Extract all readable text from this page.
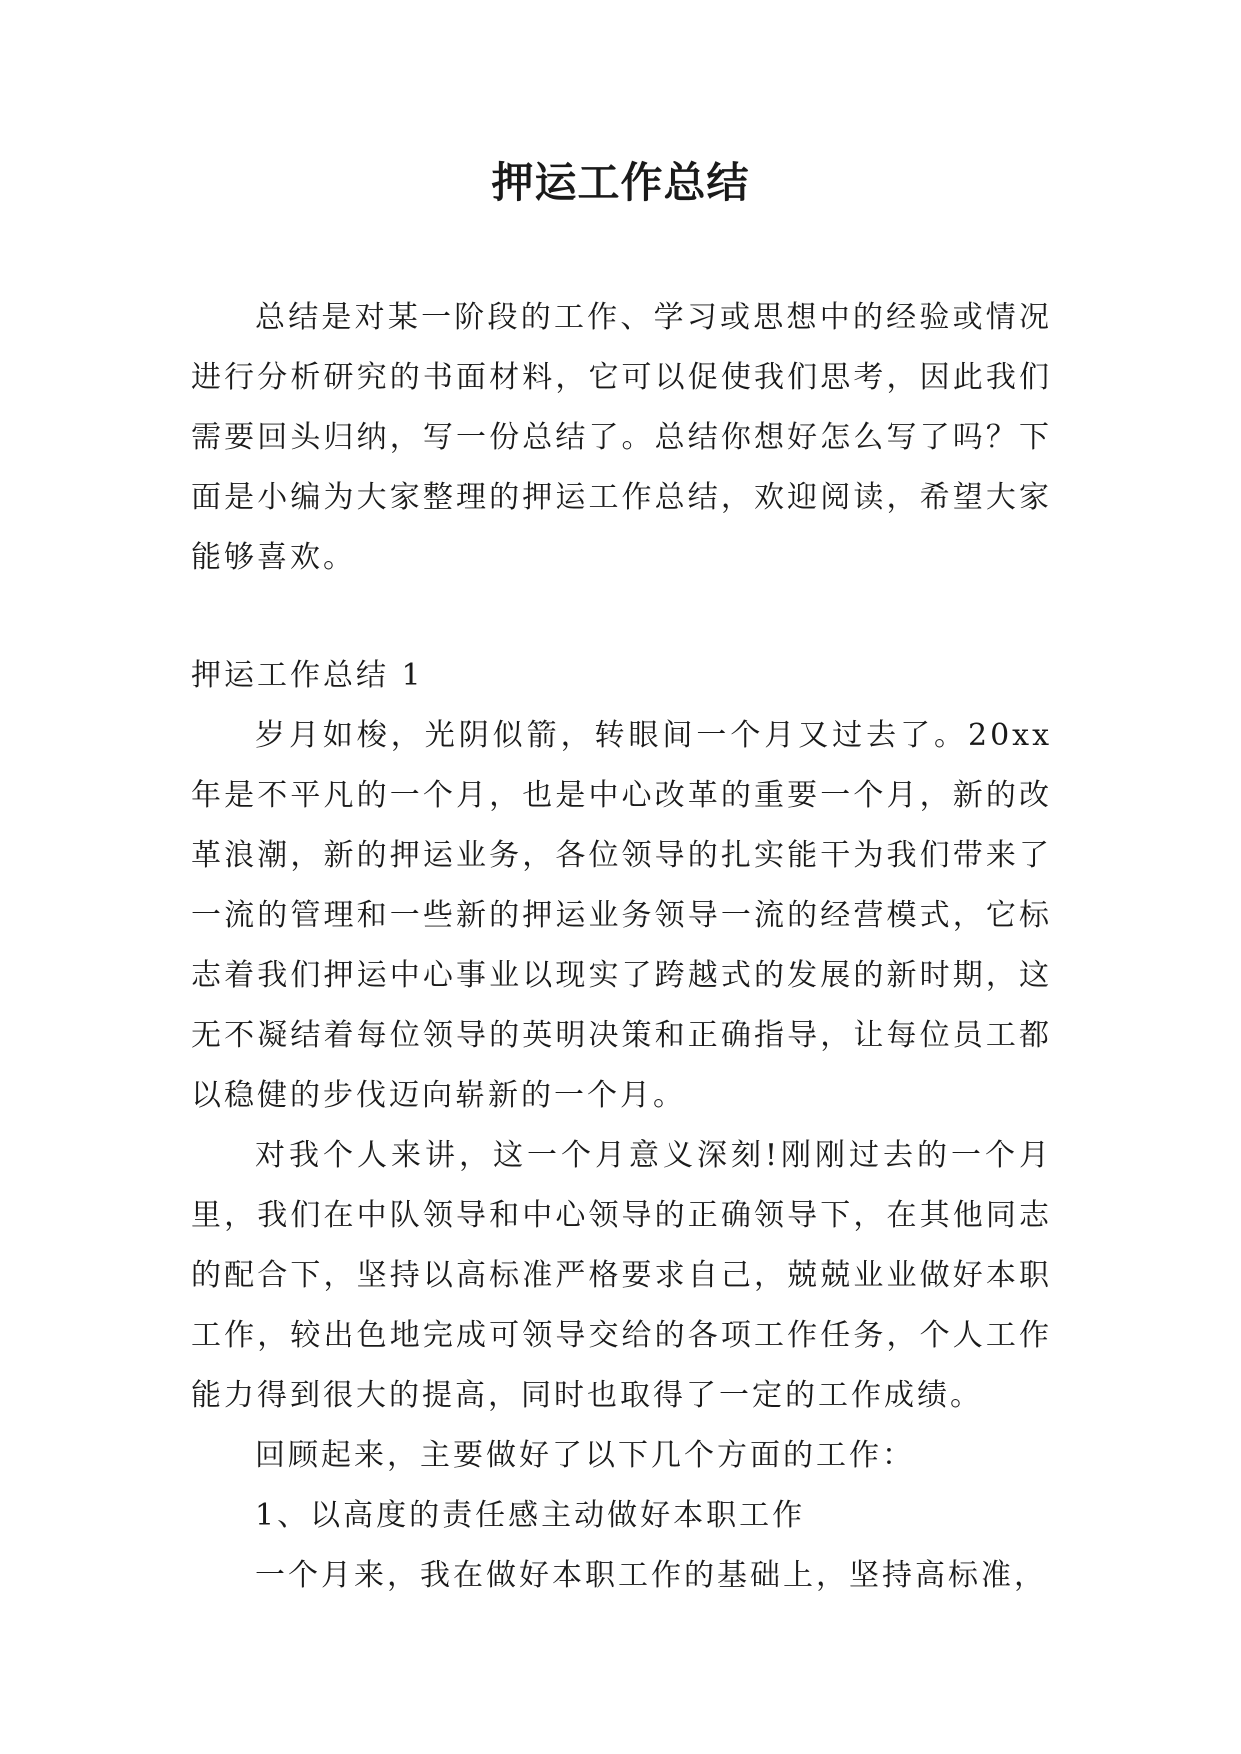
押运工作总结

总结是对某一阶段的工作、学习或思想中的经验或情况进行分析研究的书面材料，它可以促使我们思考，因此我们需要回头归纳，写一份总结了。总结你想好怎么写了吗？下面是小编为大家整理的押运工作总结，欢迎阅读，希望大家能够喜欢。

押运工作总结 1

岁月如梭，光阴似箭，转眼间一个月又过去了。20xx 年是不平凡的一个月，也是中心改革的重要一个月，新的改革浪潮，新的押运业务，各位领导的扎实能干为我们带来了一流的管理和一些新的押运业务领导一流的经营模式，它标志着我们押运中心事业以现实了跨越式的发展的新时期，这无不凝结着每位领导的英明决策和正确指导，让每位员工都以稳健的步伐迈向崭新的一个月。

对我个人来讲，这一个月意义深刻!刚刚过去的一个月里，我们在中队领导和中心领导的正确领导下，在其他同志的配合下，坚持以高标准严格要求自己，兢兢业业做好本职工作，较出色地完成可领导交给的各项工作任务，个人工作能力得到很大的提高，同时也取得了一定的工作成绩。

回顾起来，主要做好了以下几个方面的工作：

1、以高度的责任感主动做好本职工作

一个月来，我在做好本职工作的基础上，坚持高标准，
